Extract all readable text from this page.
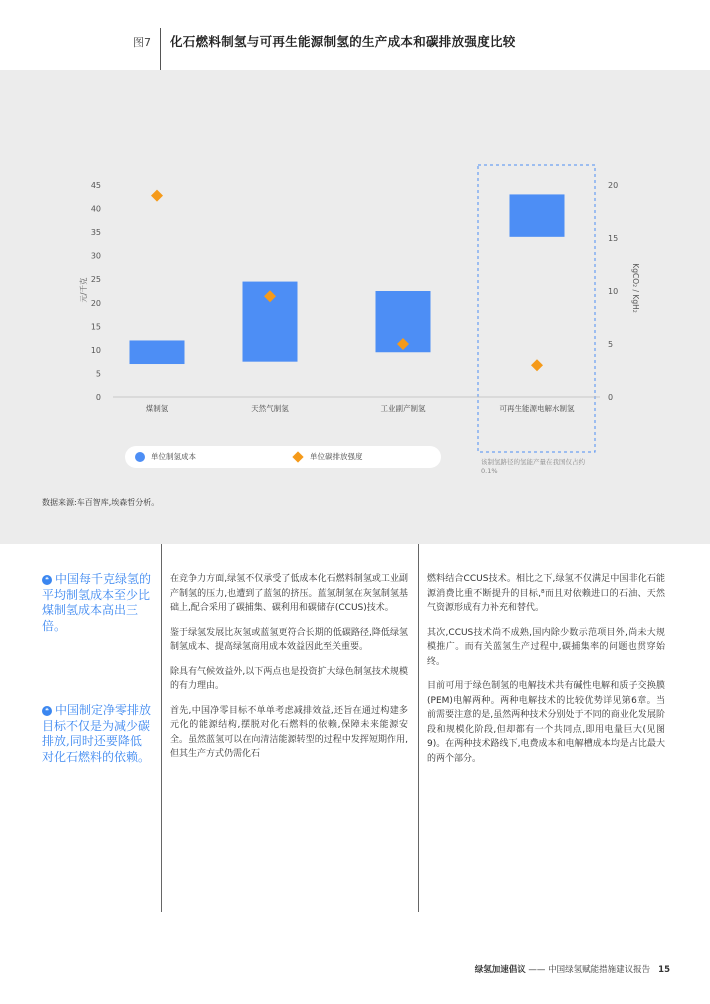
图7 化石燃料制氢与可再生能源制氢的生产成本和碳排放强度比较
0
5
10
15
20
25
30
35
40
45
0
5
10
15
20
元/千克	KgCO₂ / KgH₂
煤制氢	天然气制氢	工业副产制氢	可再生能源电解水制氢
单位制氢成本	单位碳排放强度
该制氢路径的氢能产量在我国仅占约0.1%
数据来源:车百智库,埃森哲分析。
❝ 中国每千克绿氢的平均制氢成本至少比煤制氢成本高出三倍。
❝ 中国制定净零排放目标不仅是为减少碳排放,同时还要降低对化石燃料的依赖。

在竞争力方面,绿氢不仅承受了低成本化石燃料制氢或工业副产制氢的压力,也遭到了蓝氢的挤压。蓝氢制氢在灰氢制氢基础上,配合采用了碳捕集、碳利用和碳储存(CCUS)技术。

鉴于绿氢发展比灰氢或蓝氢更符合长期的低碳路径,降低绿氢制氢成本、提高绿氢商用成本效益因此至关重要。

除具有气候效益外,以下两点也是投资扩大绿色制氢技术规模的有力理由。

首先,中国净零目标不单单考虑减排效益,还旨在通过构建多元化的能源结构,摆脱对化石燃料的依赖,保障未来能源安全。虽然蓝氢可以在向清洁能源转型的过程中发挥短期作用,但其生产方式仍需化石

燃料结合CCUS技术。相比之下,绿氢不仅满足中国非化石能源消费比重不断提升的目标,⁸而且对依赖进口的石油、天然气资源形成有力补充和替代。

其次,CCUS技术尚不成熟,国内除少数示范项目外,尚未大规模推广。而有关蓝氢生产过程中,碳捕集率的问题也贯穿始终。

目前可用于绿色制氢的电解技术共有碱性电解和质子交换膜(PEM)电解两种。两种电解技术的比较优势详见第6章。当前需要注意的是,虽然两种技术分别处于不同的商业化发展阶段和规模化阶段,但却都有一个共同点,即用电量巨大(见图9)。在两种技术路线下,电费成本和电解槽成本均是占比最大的两个部分。

绿氢加速倡议 —— 中国绿氢赋能措施建议报告 15
